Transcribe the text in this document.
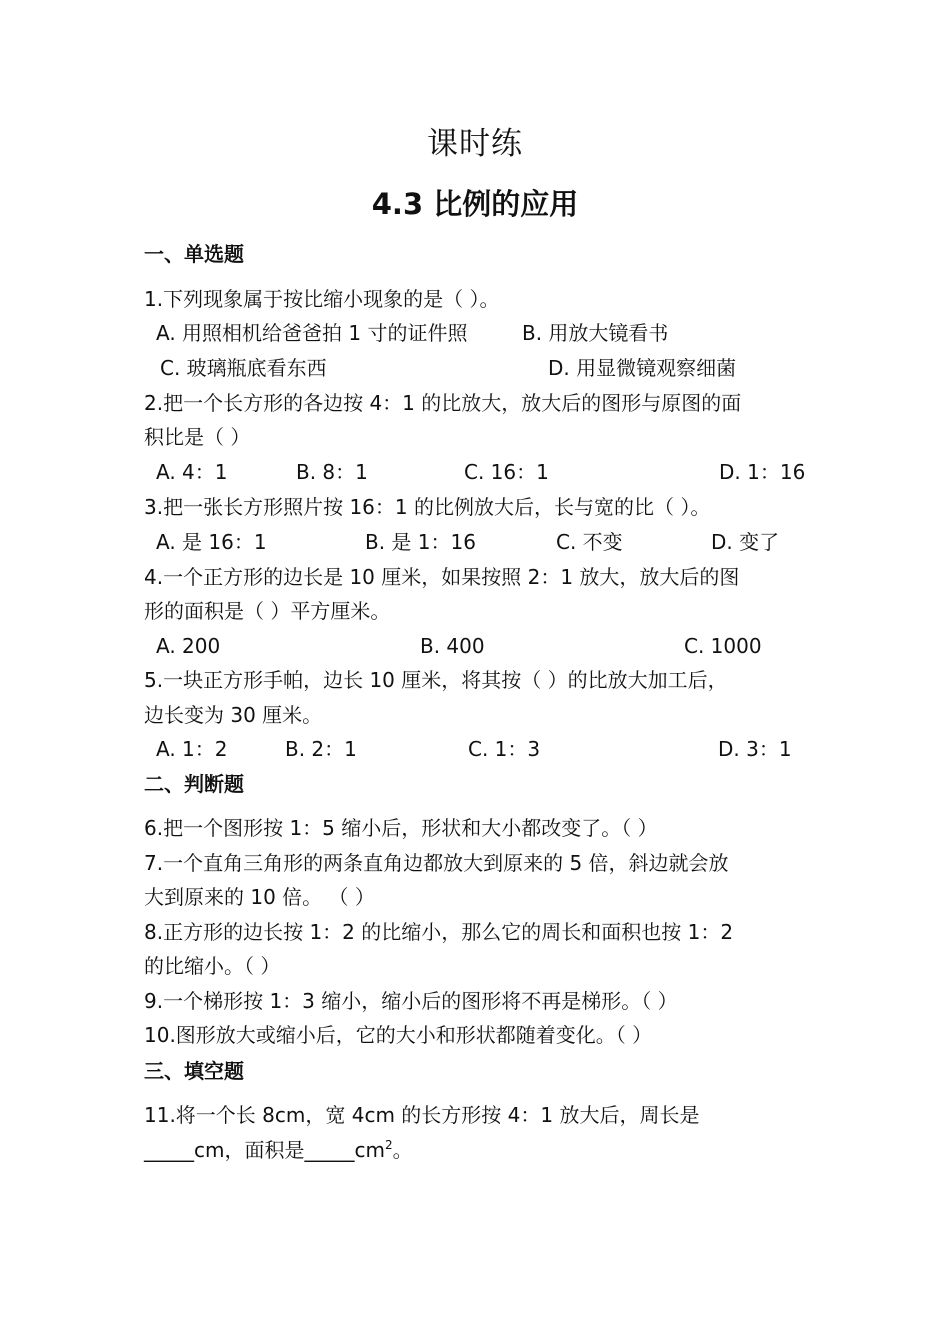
课时练
4.3 比例的应用
一、单选题
1.下列现象属于按比缩小现象的是（ ）。
A. 用照相机给爸爸拍 1 寸的证件照	B. 用放大镜看书
C. 玻璃瓶底看东西	D. 用显微镜观察细菌
2.把一个长方形的各边按 4：1 的比放大，放大后的图形与原图的面
积比是（ ）
A. 4：1	B. 8：1	C. 16：1	D. 1：16
3.把一张长方形照片按 16：1 的比例放大后，长与宽的比（ ）。
A. 是 16：1	B. 是 1：16	C. 不变	D. 变了
4.一个正方形的边长是 10 厘米，如果按照 2：1 放大，放大后的图
形的面积是（ ）平方厘米。
A. 200	B. 400	C. 1000
5.一块正方形手帕，边长 10 厘米，将其按（ ）的比放大加工后，
边长变为 30 厘米。
A. 1：2	B. 2：1	C. 1：3	D. 3：1
二、判断题
6.把一个图形按 1：5 缩小后，形状和大小都改变了。（ ）
7.一个直角三角形的两条直角边都放大到原来的 5 倍，斜边就会放
大到原来的 10 倍。 （ ）
8.正方形的边长按 1：2 的比缩小，那么它的周长和面积也按 1：2
的比缩小。（ ）
9.一个梯形按 1：3 缩小，缩小后的图形将不再是梯形。（ ）
10.图形放大或缩小后，它的大小和形状都随着变化。（ ）
三、填空题
11.将一个长 8cm，宽 4cm 的长方形按 4：1 放大后，周长是
_____cm，面积是$\_\_\_\_\_cm^2$。
